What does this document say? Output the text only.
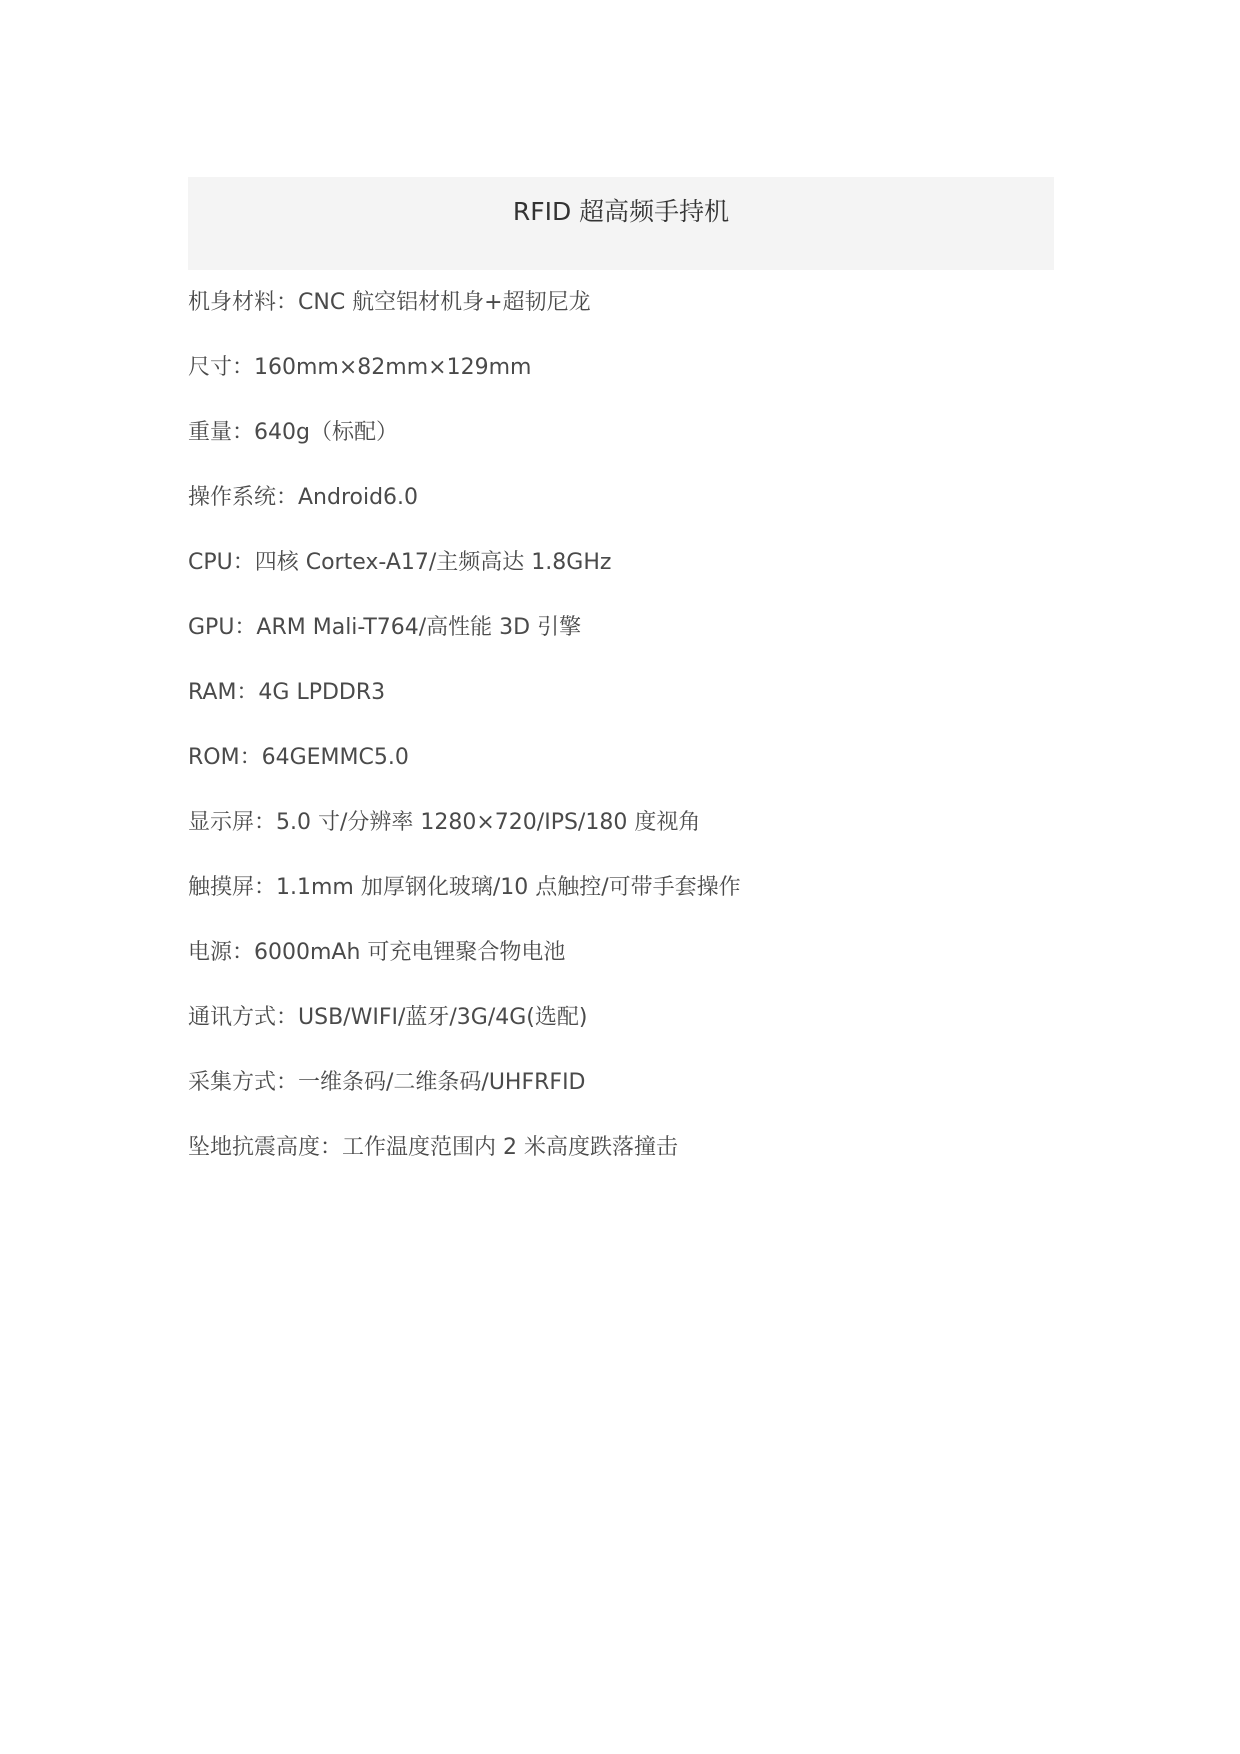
RFID 超高频手持机
机身材料：CNC 航空铝材机身+超韧尼龙
尺寸：160mm×82mm×129mm
重量：640g（标配）
操作系统：Android6.0
CPU：四核 Cortex-A17/主频高达 1.8GHz
GPU：ARM Mali-T764/高性能 3D 引擎
RAM：4G LPDDR3
ROM：64GEMMC5.0
显示屏：5.0 寸/分辨率 1280×720/IPS/180 度视角
触摸屏：1.1mm 加厚钢化玻璃/10 点触控/可带手套操作
电源：6000mAh 可充电锂聚合物电池
通讯方式：USB/WIFI/蓝牙/3G/4G(选配)
采集方式：一维条码/二维条码/UHFRFID
坠地抗震高度：工作温度范围内 2 米高度跌落撞击
